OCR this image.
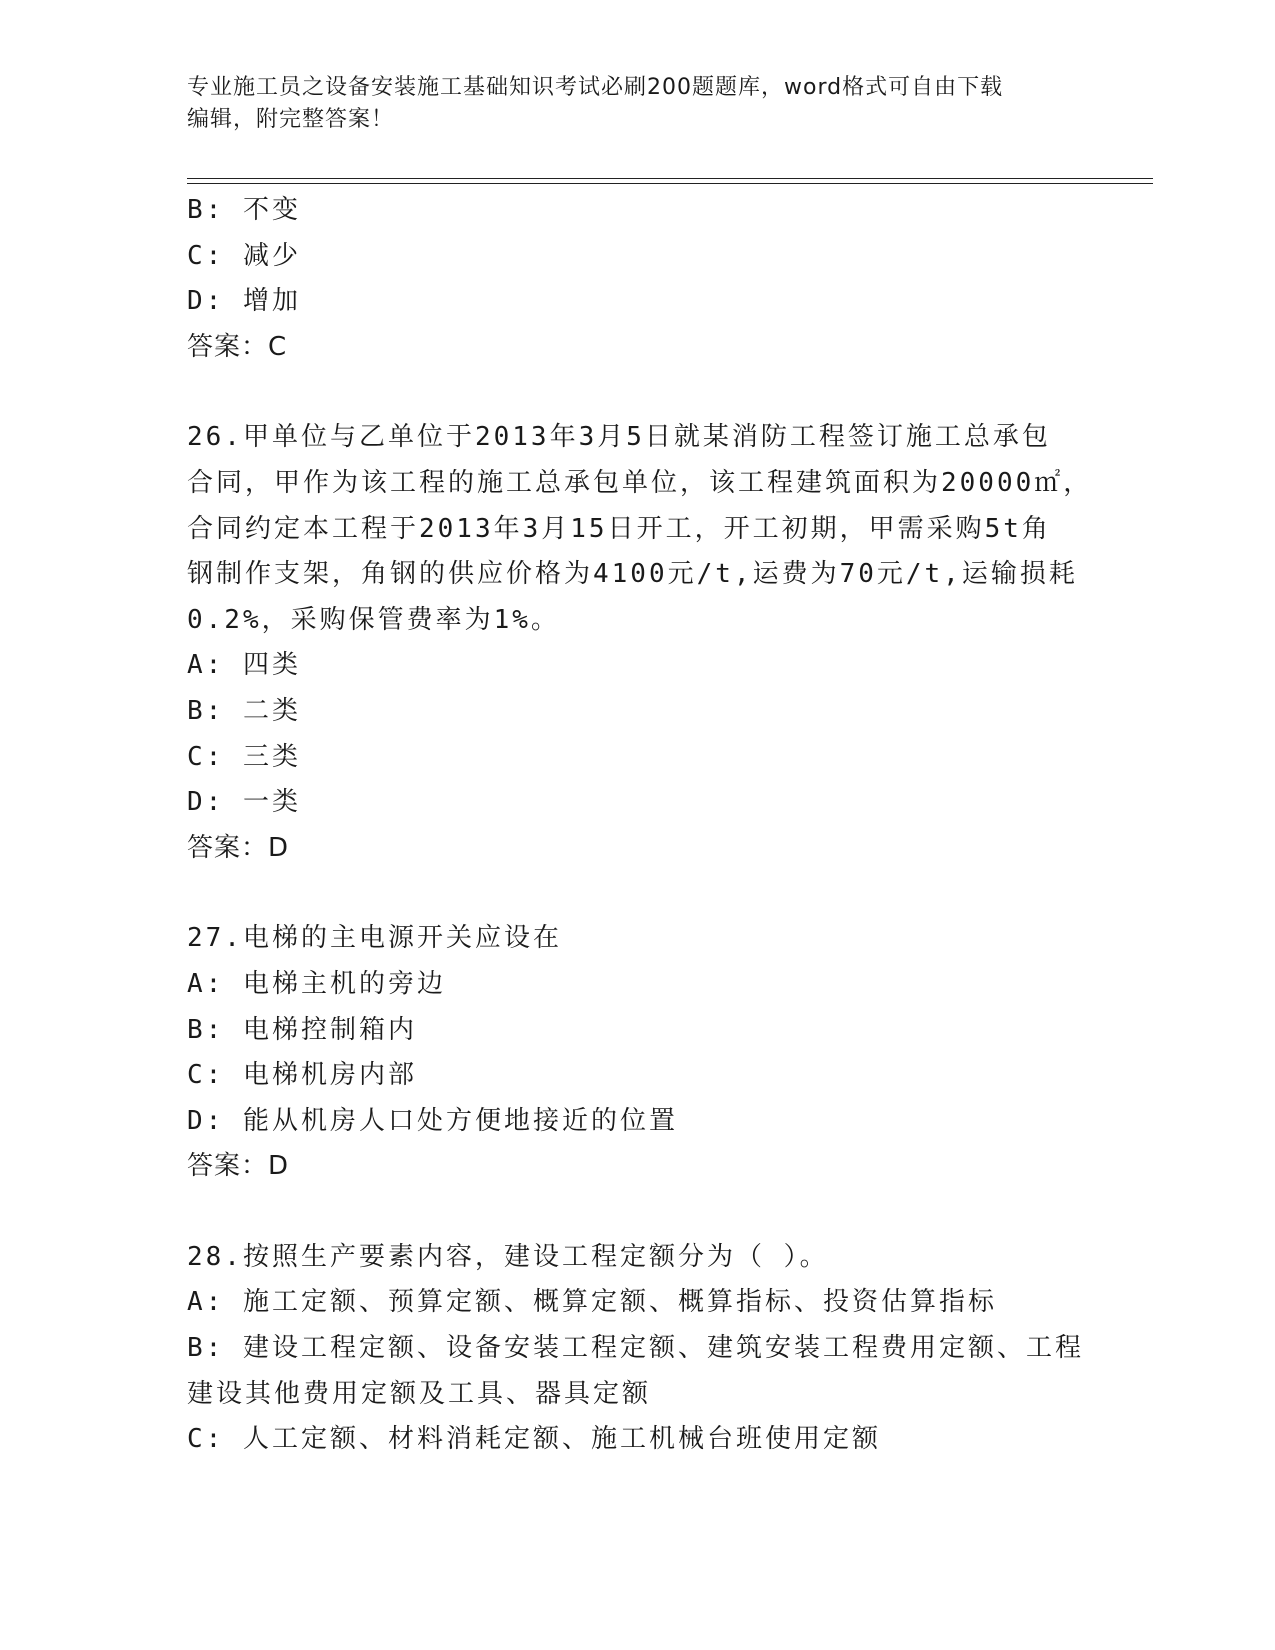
专业施工员之设备安装施工基础知识考试必刷200题题库，word格式可自由下载
编辑，附完整答案！
B: 不变
C: 减少
D: 增加
答案：C
26.甲单位与乙单位于2013年3月5日就某消防工程签订施工总承包
合同，甲作为该工程的施工总承包单位，该工程建筑面积为20000㎡，
合同约定本工程于2013年3月15日开工，开工初期，甲需采购5t角
钢制作支架，角钢的供应价格为4100元/t,运费为70元/t,运输损耗
0.2%，采购保管费率为1%。
A: 四类
B: 二类
C: 三类
D: 一类
答案：D
27.电梯的主电源开关应设在
A: 电梯主机的旁边
B: 电梯控制箱内
C: 电梯机房内部
D: 能从机房人口处方便地接近的位置
答案：D
28.按照生产要素内容，建设工程定额分为（ ）。
A: 施工定额、预算定额、概算定额、概算指标、投资估算指标
B: 建设工程定额、设备安装工程定额、建筑安装工程费用定额、工程
建设其他费用定额及工具、器具定额
C: 人工定额、材料消耗定额、施工机械台班使用定额
